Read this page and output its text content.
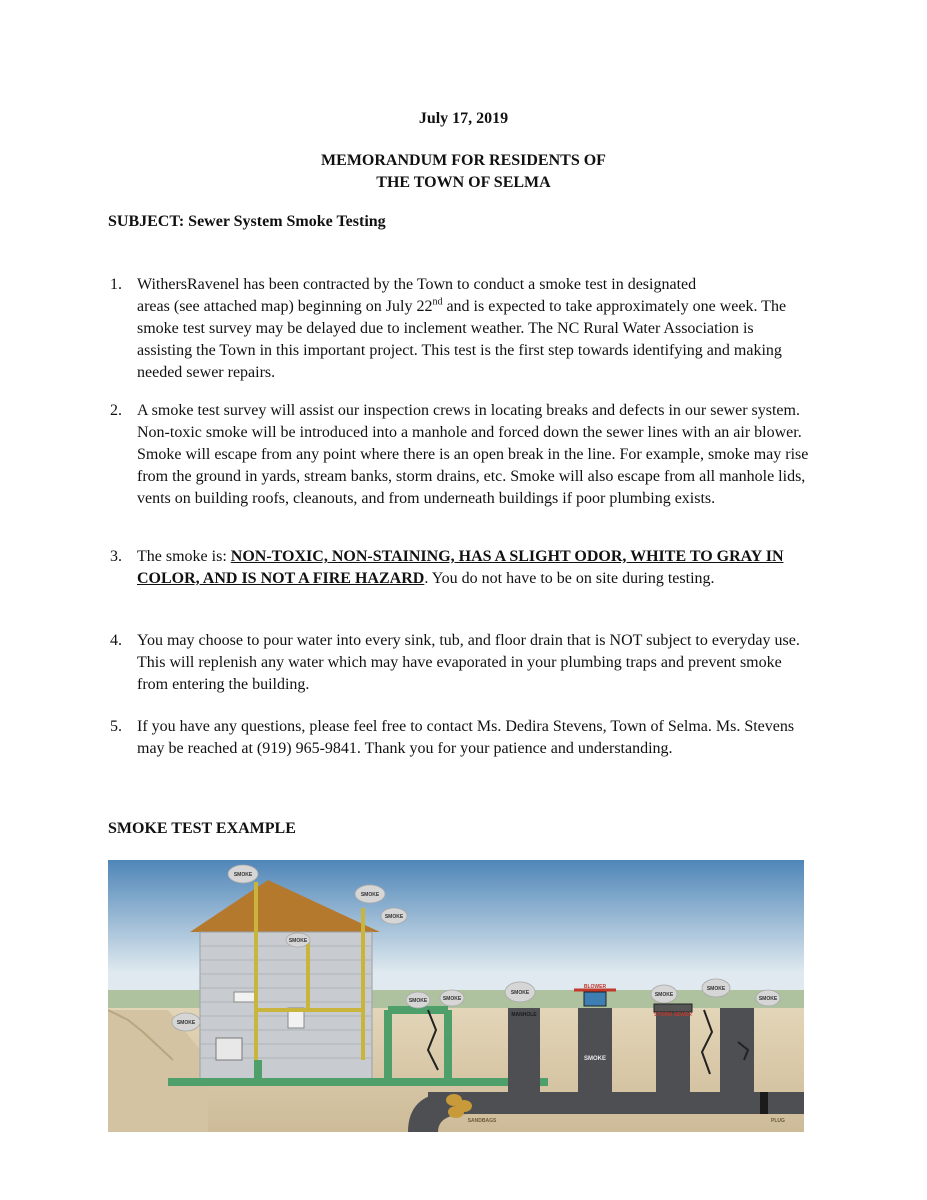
July 17, 2019
MEMORANDUM FOR RESIDENTS OF
THE TOWN OF SELMA
SUBJECT: Sewer System Smoke Testing
1. WithersRavenel has been contracted by the Town to conduct a smoke test in designated
areas (see attached map) beginning on July 22nd and is expected to take approximately one week. The smoke test survey may be delayed due to inclement weather. The NC Rural Water Association is assisting the Town in this important project. This test is the first step towards identifying and making needed sewer repairs.
2. A smoke test survey will assist our inspection crews in locating breaks and defects in our sewer system. Non-toxic smoke will be introduced into a manhole and forced down the sewer lines with an air blower. Smoke will escape from any point where there is an open break in the line. For example, smoke may rise from the ground in yards, stream banks, storm drains, etc. Smoke will also escape from all manhole lids, vents on building roofs, cleanouts, and from underneath buildings if poor plumbing exists.
3. The smoke is: NON-TOXIC, NON-STAINING, HAS A SLIGHT ODOR, WHITE TO GRAY IN COLOR, AND IS NOT A FIRE HAZARD. You do not have to be on site during testing.
4. You may choose to pour water into every sink, tub, and floor drain that is NOT subject to everyday use. This will replenish any water which may have evaporated in your plumbing traps and prevent smoke from entering the building.
5. If you have any questions, please feel free to contact Ms. Dedira Stevens, Town of Selma. Ms. Stevens may be reached at (919) 965-9841. Thank you for your patience and understanding.
SMOKE TEST EXAMPLE
SMOKE
SMOKE
SMOKE
SMOKE
SMOKE
SMOKE	SMOKE
SMOKE	SMOKE
SMOKE
SMOKE
MANHOLE
BLOWER
STORM SEWER
SANDBAGS	PLUG
SMOKE
